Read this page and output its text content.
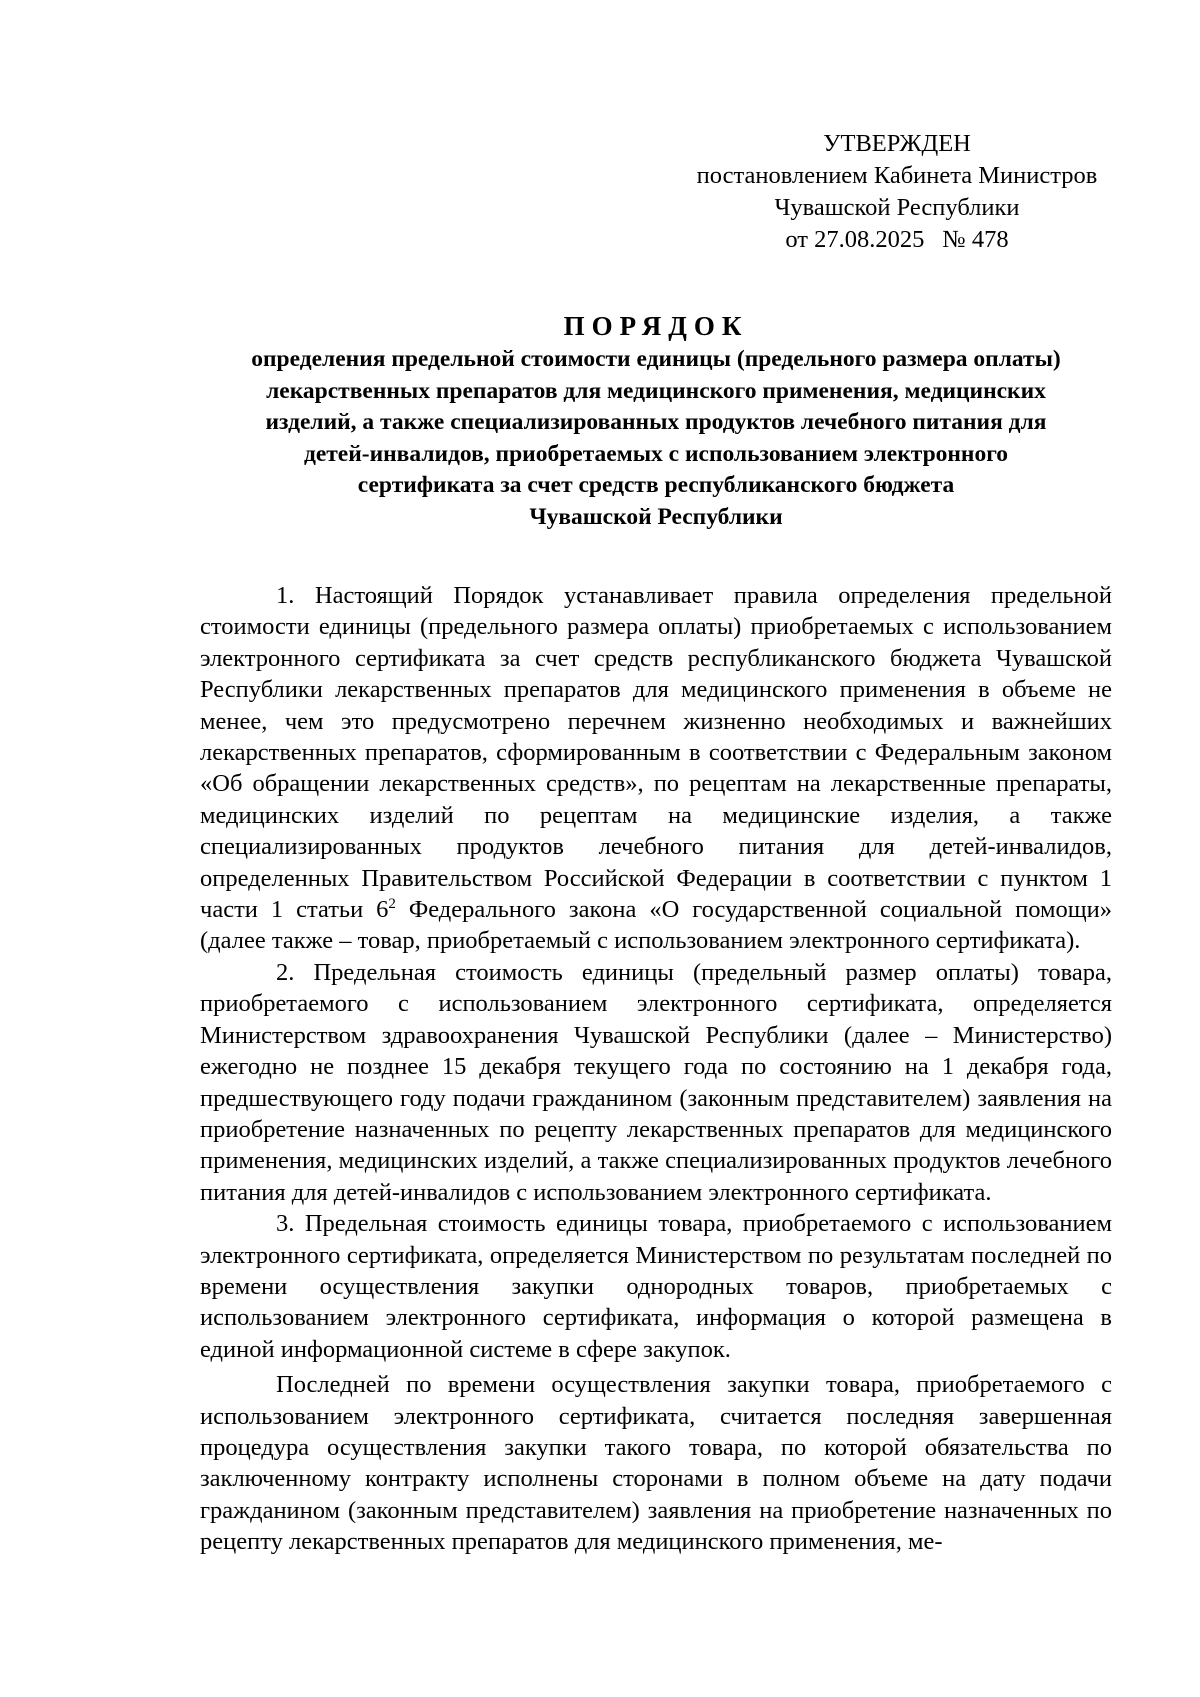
УТВЕРЖДЕН
постановлением Кабинета Министров
Чувашской Республики
от 27.08.2025 № 478
ПОРЯДОК
определения предельной стоимости единицы (предельного размера оплаты)
лекарственных препаратов для медицинского применения, медицинских
изделий, а также специализированных продуктов лечебного питания для
детей-инвалидов, приобретаемых с использованием электронного
сертификата за счет средств республиканского бюджета
Чувашской Республики
1. Настоящий Порядок устанавливает правила определения предельной стоимости единицы (предельного размера оплаты) приобретаемых с использованием электронного сертификата за счет средств республиканского бюджета Чувашской Республики лекарственных препаратов для медицинского применения в объеме не менее, чем это предусмотрено перечнем жизненно необходимых и важнейших лекарственных препаратов, сформированным в соответствии с Федеральным законом «Об обращении лекарственных средств», по рецептам на лекарственные препараты, медицинских изделий по рецептам на медицинские изделия, а также специализированных продуктов лечебного питания для детей-инвалидов, определенных Правительством Российской Федерации в соответствии с пунктом 1 части 1 статьи $6^2$ Федерального закона «О государственной социальной помощи» (далее также – товар, приобретаемый с использованием электронного сертификата).
2. Предельная стоимость единицы (предельный размер оплаты) товара, приобретаемого с использованием электронного сертификата, определяется Министерством здравоохранения Чувашской Республики (далее – Министерство) ежегодно не позднее 15 декабря текущего года по состоянию на 1 декабря года, предшествующего году подачи гражданином (законным представителем) заявления на приобретение назначенных по рецепту лекарственных препаратов для медицинского применения, медицинских изделий, а также специализированных продуктов лечебного питания для детей-инвалидов с использованием электронного сертификата.
3. Предельная стоимость единицы товара, приобретаемого с использованием электронного сертификата, определяется Министерством по результатам последней по времени осуществления закупки однородных товаров, приобретаемых с использованием электронного сертификата, информация о которой размещена в единой информационной системе в сфере закупок.
Последней по времени осуществления закупки товара, приобретаемого с использованием электронного сертификата, считается последняя завершенная процедура осуществления закупки такого товара, по которой обязательства по заключенному контракту исполнены сторонами в полном объеме на дату подачи гражданином (законным представителем) заявления на приобретение назначенных по рецепту лекарственных препаратов для медицинского применения, ме-
